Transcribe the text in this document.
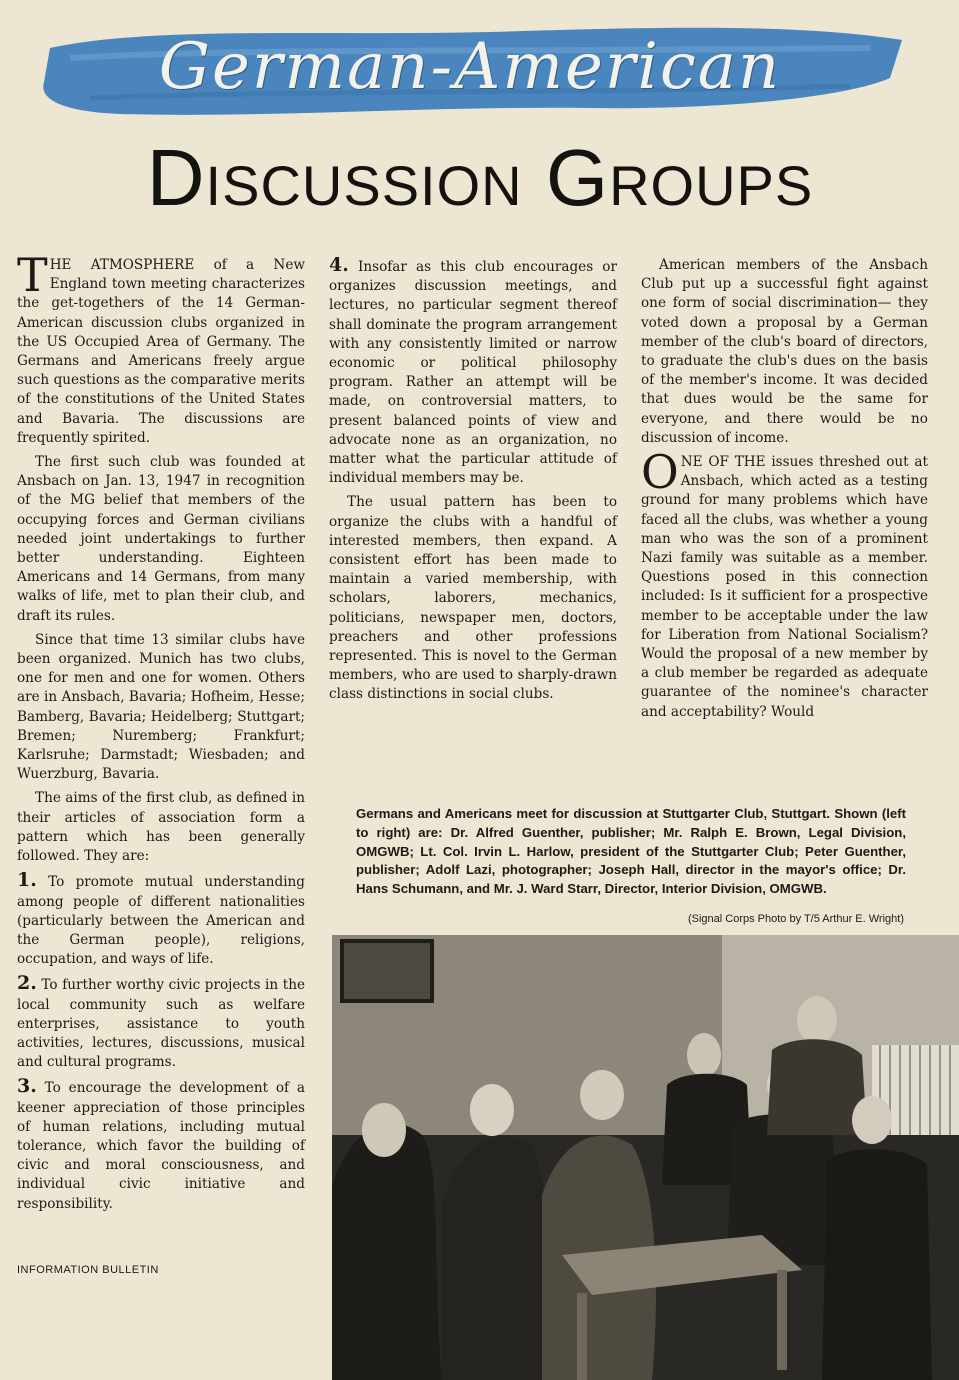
German-American
Discussion Groups

THE ATMOSPHERE of a New England town meeting characterizes the get-togethers of the 14 German-American discussion clubs organized in the US Occupied Area of Germany. The Germans and Americans freely argue such questions as the comparative merits of the constitutions of the United States and Bavaria. The discussions are frequently spirited.

The first such club was founded at Ansbach on Jan. 13, 1947 in recognition of the MG belief that members of the occupying forces and German civilians needed joint undertakings to further better understanding. Eighteen Americans and 14 Germans, from many walks of life, met to plan their club, and draft its rules.

Since that time 13 similar clubs have been organized. Munich has two clubs, one for men and one for women. Others are in Ansbach, Bavaria; Hofheim, Hesse; Bamberg, Bavaria; Heidelberg; Stuttgart; Bremen; Nuremberg; Frankfurt; Karlsruhe; Darmstadt; Wiesbaden; and Wuerzburg, Bavaria.

The aims of the first club, as defined in their articles of association form a pattern which has been generally followed. They are:

1. To promote mutual understanding among people of different nationalities (particularly between the American and the German people), religions, occupation, and ways of life.

2. To further worthy civic projects in the local community such as welfare enterprises, assistance to youth activities, lectures, discussions, musical and cultural programs.

3. To encourage the development of a keener appreciation of those principles of human relations, including mutual tolerance, which favor the building of civic and moral consciousness, and individual civic initiative and responsibility.

4. Insofar as this club encourages or organizes discussion meetings, and lectures, no particular segment thereof shall dominate the program arrangement with any consistently limited or narrow economic or political philosophy program. Rather an attempt will be made, on controversial matters, to present balanced points of view and advocate none as an organization, no matter what the particular attitude of individual members may be.

The usual pattern has been to organize the clubs with a handful of interested members, then expand. A consistent effort has been made to maintain a varied membership, with scholars, laborers, mechanics, politicians, newspaper men, doctors, preachers and other professions represented. This is novel to the German members, who are used to sharply-drawn class distinctions in social clubs.

American members of the Ansbach Club put up a successful fight against one form of social discrimination— they voted down a proposal by a German member of the club's board of directors, to graduate the club's dues on the basis of the member's income. It was decided that dues would be the same for everyone, and there would be no discussion of income.

ONE OF THE issues threshed out at Ansbach, which acted as a testing ground for many problems which have faced all the clubs, was whether a young man who was the son of a prominent Nazi family was suitable as a member. Questions posed in this connection included: Is it sufficient for a prospective member to be acceptable under the law for Liberation from National Socialism? Would the proposal of a new member by a club member be regarded as adequate guarantee of the nominee's character and acceptability? Would

Germans and Americans meet for discussion at Stuttgarter Club, Stuttgart. Shown (left to right) are: Dr. Alfred Guenther, publisher; Mr. Ralph E. Brown, Legal Division, OMGWB; Lt. Col. Irvin L. Harlow, president of the Stuttgarter Club; Peter Guenther, publisher; Adolf Lazi, photographer; Joseph Hall, director in the mayor's office; Dr. Hans Schumann, and Mr. J. Ward Starr, Director, Interior Division, OMGWB.
(Signal Corps Photo by T/5 Arthur E. Wright)
INFORMATION BULLETIN
